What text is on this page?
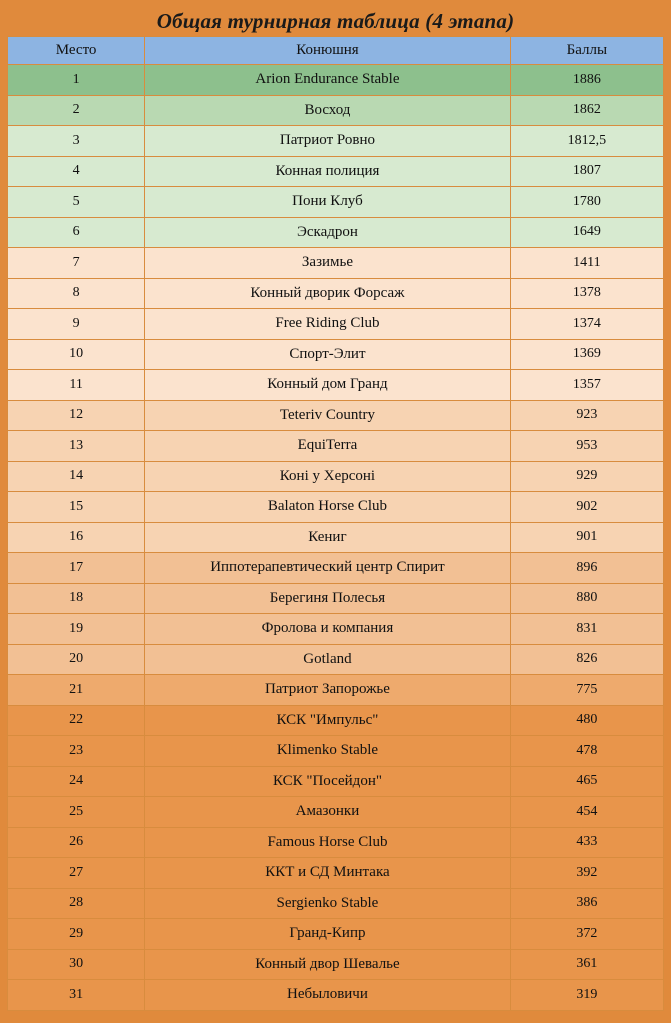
Общая турнирная таблица (4 этапа)		
Место	Конюшня	Баллы
1	Arion Endurance Stable	1886
2	Восход	1862
3	Патриот Ровно	1812,5
4	Конная полиция	1807
5	Пони Клуб	1780
6	Эскадрон	1649
7	Зазимье	1411
8	Конный дворик Форсаж	1378
9	Free Riding Club	1374
10	Спорт-Элит	1369
11	Конный дом Гранд	1357
12	Teteriv Country	923
13	EquiTerra	953
14	Коні у Херсоні	929
15	Balaton Horse Club	902
16	Кениг	901
17	Иппотерапевтический центр Спирит	896
18	Берегиня Полесья	880
19	Фролова и компания	831
20	Gotland	826
21	Патриот Запорожье	775
22	КСК "Импульс"	480
23	Klimenko Stable	478
24	КСК "Посейдон"	465
25	Амазонки	454
26	Famous Horse Club	433
27	ККТ и СД Минтака	392
28	Sergienko Stable	386
29	Гранд-Кипр	372
30	Конный двор Шевалье	361
31	Небыловичи	319
